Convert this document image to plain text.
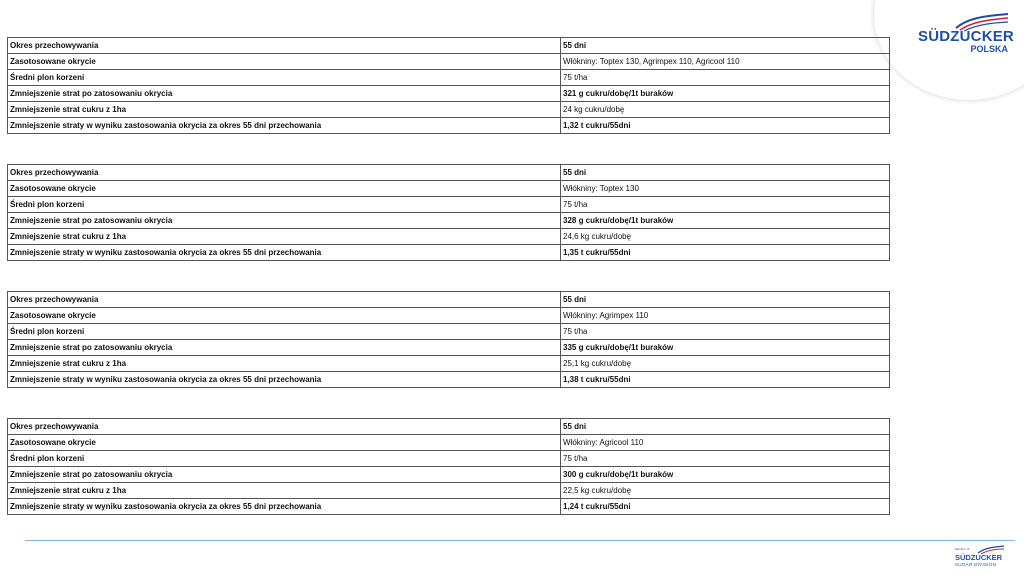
SÜDZUCKER
POLSKA
Okres przechowywania	55 dni
Zasotosowane okrycie	Włókniny: Toptex 130, Agrimpex 110, Agricool 110
Średni plon korzeni	75 t/ha
Zmniejszenie strat po zatosowaniu okrycia	321 g cukru/dobę/1t buraków
Zmniejszenie strat cukru z 1ha	24 kg cukru/dobę
Zmniejszenie straty w wyniku zastosowania okrycia za okres 55 dni przechowania	1,32 t cukru/55dni
Okres przechowywania	55 dni
Zasotosowane okrycie	Włókniny: Toptex 130
Średni plon korzeni	75 t/ha
Zmniejszenie strat po zatosowaniu okrycia	328 g cukru/dobę/1t buraków
Zmniejszenie strat cukru z 1ha	24,6 kg cukru/dobę
Zmniejszenie straty w wyniku zastosowania okrycia za okres 55 dni przechowania	1,35 t cukru/55dni
Okres przechowywania	55 dni
Zasotosowane okrycie	Włókniny: Agrimpex 110
Średni plon korzeni	75 t/ha
Zmniejszenie strat po zatosowaniu okrycia	335 g cukru/dobę/1t buraków
Zmniejszenie strat cukru z 1ha	25,1 kg cukru/dobę
Zmniejszenie straty w wyniku zastosowania okrycia za okres 55 dni przechowania	1,38 t cukru/55dni
Okres przechowywania	55 dni
Zasotosowane okrycie	Włókniny: Agricool 110
Średni plon korzeni	75 t/ha
Zmniejszenie strat po zatosowaniu okrycia	300 g cukru/dobę/1t buraków
Zmniejszenie strat cukru z 1ha	22,5 kg cukru/dobę
Zmniejszenie straty w wyniku zastosowania okrycia za okres 55 dni przechowania	1,24 t cukru/55dni
Member of
SÜDZUCKER
SUGAR DIVISION
